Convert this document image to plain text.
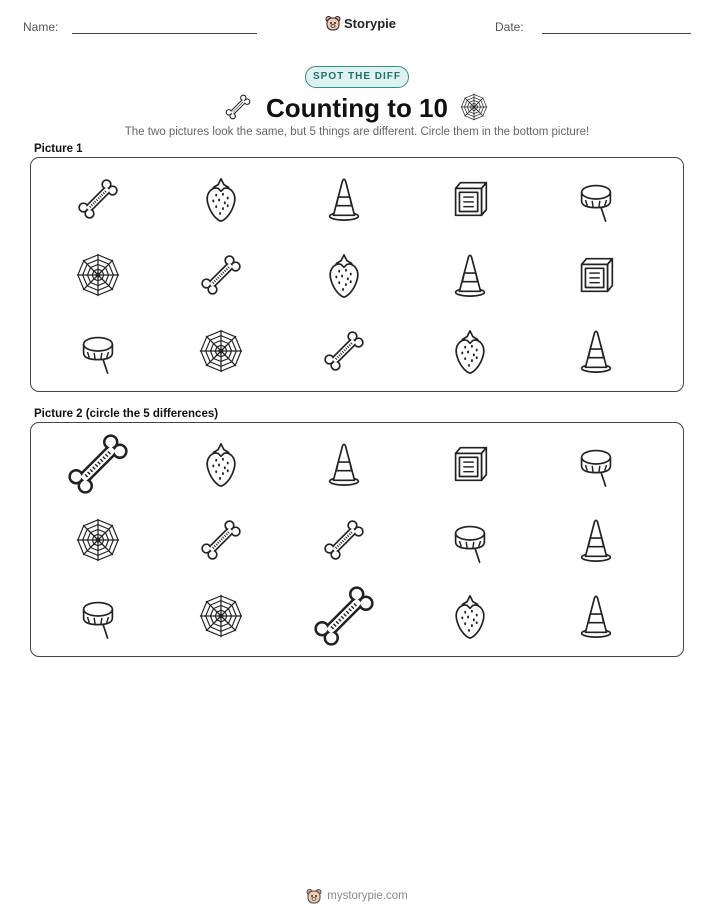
Name:	Storypie	Date:
SPOT THE DIFF
Counting to 10
The two pictures look the same, but 5 things are different. Circle them in the bottom picture!
Picture 1
Picture 2 (circle the 5 differences)
mystorypie.com
